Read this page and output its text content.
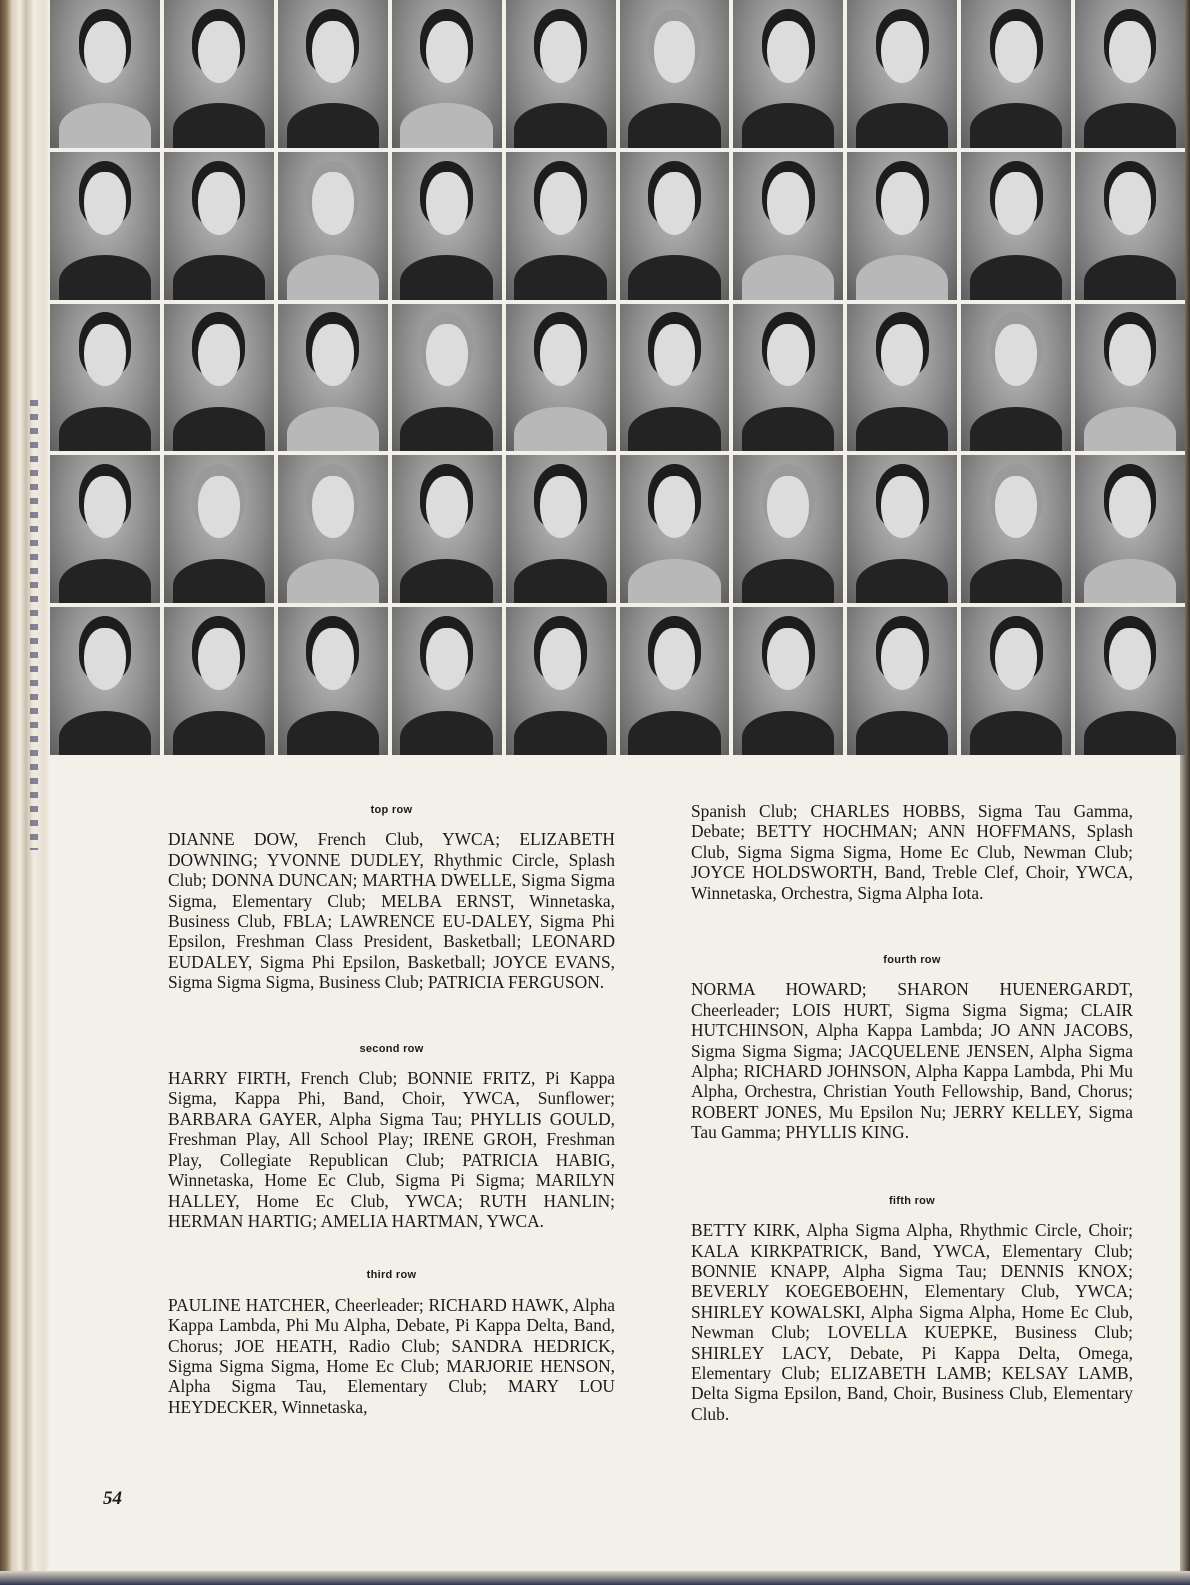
top row

DIANNE DOW, French Club, YWCA; ELIZABETH DOWNING; YVONNE DUDLEY, Rhythmic Circle, Splash Club; DONNA DUNCAN; MARTHA DWELLE, Sigma Sigma Sigma, Elementary Club; MELBA ERNST, Winnetaska, Business Club, FBLA; LAWRENCE EU-DALEY, Sigma Phi Epsilon, Freshman Class President, Basketball; LEONARD EUDALEY, Sigma Phi Epsilon, Basketball; JOYCE EVANS, Sigma Sigma Sigma, Business Club; PATRICIA FERGUSON.

second row

HARRY FIRTH, French Club; BONNIE FRITZ, Pi Kappa Sigma, Kappa Phi, Band, Choir, YWCA, Sunflower; BARBARA GAYER, Alpha Sigma Tau; PHYLLIS GOULD, Freshman Play, All School Play; IRENE GROH, Freshman Play, Collegiate Republican Club; PATRICIA HABIG, Winnetaska, Home Ec Club, Sigma Pi Sigma; MARILYN HALLEY, Home Ec Club, YWCA; RUTH HANLIN; HERMAN HARTIG; AMELIA HARTMAN, YWCA.

third row

PAULINE HATCHER, Cheerleader; RICHARD HAWK, Alpha Kappa Lambda, Phi Mu Alpha, Debate, Pi Kappa Delta, Band, Chorus; JOE HEATH, Radio Club; SANDRA HEDRICK, Sigma Sigma Sigma, Home Ec Club; MARJORIE HENSON, Alpha Sigma Tau, Elementary Club; MARY LOU HEYDECKER, Winnetaska,

Spanish Club; CHARLES HOBBS, Sigma Tau Gamma, Debate; BETTY HOCHMAN; ANN HOFFMANS, Splash Club, Sigma Sigma Sigma, Home Ec Club, Newman Club; JOYCE HOLDSWORTH, Band, Treble Clef, Choir, YWCA, Winnetaska, Orchestra, Sigma Alpha Iota.

fourth row

NORMA HOWARD; SHARON HUENERGARDT, Cheerleader; LOIS HURT, Sigma Sigma Sigma; CLAIR HUTCHINSON, Alpha Kappa Lambda; JO ANN JACOBS, Sigma Sigma Sigma; JACQUELENE JENSEN, Alpha Sigma Alpha; RICHARD JOHNSON, Alpha Kappa Lambda, Phi Mu Alpha, Orchestra, Christian Youth Fellowship, Band, Chorus; ROBERT JONES, Mu Epsilon Nu; JERRY KELLEY, Sigma Tau Gamma; PHYLLIS KING.

fifth row

BETTY KIRK, Alpha Sigma Alpha, Rhythmic Circle, Choir; KALA KIRKPATRICK, Band, YWCA, Elementary Club; BONNIE KNAPP, Alpha Sigma Tau; DENNIS KNOX; BEVERLY KOEGEBOEHN, Elementary Club, YWCA; SHIRLEY KOWALSKI, Alpha Sigma Alpha, Home Ec Club, Newman Club; LOVELLA KUEPKE, Business Club; SHIRLEY LACY, Debate, Pi Kappa Delta, Omega, Elementary Club; ELIZABETH LAMB; KELSAY LAMB, Delta Sigma Epsilon, Band, Choir, Business Club, Elementary Club.

54
